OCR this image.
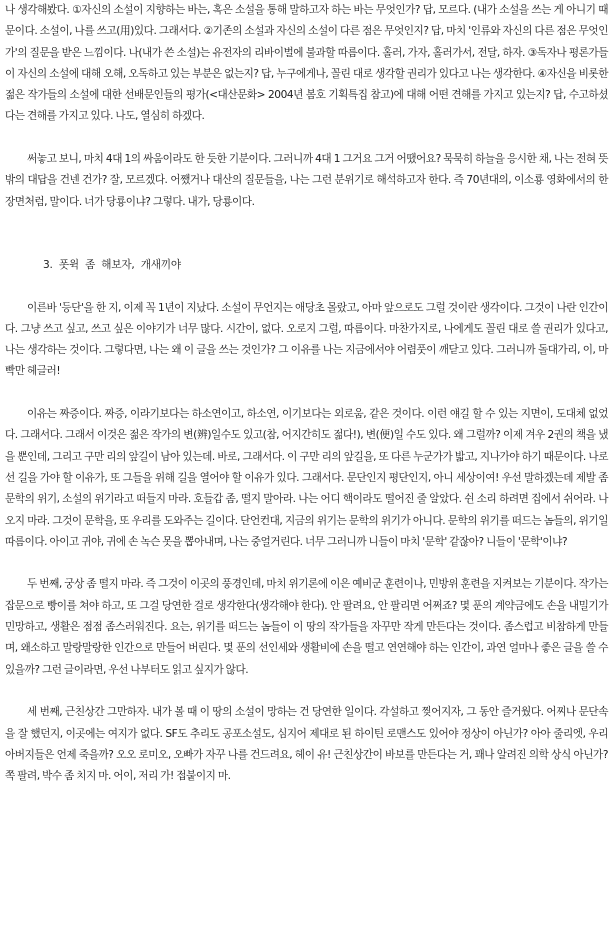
나 생각해봤다. ①자신의 소설이 지향하는 바는, 혹은 소설을 통해 말하고자 하는 바는 무엇인가? 답, 모르다. (내가 소설을 쓰는 게 아니기 때문이다. 소설이, 나를 쓰고(用)있다. 그래서다. ②기존의 소설과 자신의 소설이 다른 점은 무엇인지? 답, 마치 '인류와 자신의 다른 점은 무엇인가'의 질문을 받은 느낌이다. 나(내가 쓴 소설)는 유전자의 리바이벌에 불과할 따름이다. 홀러, 가자, 홀러가서, 전달, 하자. ③독자나 평론가들이 자신의 소설에 대해 오해, 오독하고 있는 부분은 없는지? 답, 누구에게나, 꼴린 대로 생각할 권리가 있다고 나는 생각한다. ④자신을 비롯한 젊은 작가들의 소설에 대한 선배문인들의 평가(<대산문화> 2004년 봄호 기획특집 참고)에 대해 어떤 견해를 가지고 있는지? 답, 수고하셨다는 견해를 가지고 있다. 나도, 열심히 하겠다.

써놓고 보니, 마치 4대 1의 싸움이라도 한 듯한 기분이다. 그러니까 4대 1 그거요 그거 어땠어요? 묵묵히 하늘을 응시한 채, 나는 전혀 뜻밖의 대답을 건넨 건가? 잘, 모르겠다. 어쨌거나 대산의 질문들을, 나는 그런 분위기로 해석하고자 한다. 즉 70년대의, 이소룡 영화에서의 한 장면처럼, 말이다. 너가 당룡이냐? 그렇다. 내가, 당룡이다.

3. 폿윅 좀 해보자, 개새끼야

이른바 '등단'을 한 지, 이제 꼭 1년이 지났다. 소설이 무언지는 애당초 몰랐고, 아마 앞으로도 그럴 것이란 생각이다. 그것이 나란 인간이다. 그냥 쓰고 싶고, 쓰고 싶은 이야기가 너무 많다. 시간이, 없다. 오로지 그럴, 따름이다. 마찬가지로, 나에게도 꼴린 대로 쓸 권리가 있다고, 나는 생각하는 것이다. 그렇다면, 나는 왜 이 글을 쓰는 것인가? 그 이유를 나는 지금에서야 어렴풋이 깨닫고 있다. 그러니까 돌대가리, 이, 마빡만 헤글러!

이유는 짜증이다. 짜증, 이라기보다는 하소연이고, 하소연, 이기보다는 외로움, 같은 것이다. 이런 얘길 할 수 있는 지면이, 도대체 없었다. 그래서다. 그래서 이것은 젊은 작가의 변(辨)일수도 있고(참, 어지간히도 젊다!), 변(便)일 수도 있다. 왜 그럴까? 이제 겨우 2권의 책을 냈을 뿐인데, 그리고 구만 리의 앞길이 남아 있는데. 바로, 그래서다. 이 구만 리의 앞길을, 또 다른 누군가가 밟고, 지나가야 하기 때문이다. 나로선 길을 가야 할 이유가, 또 그들을 위해 길을 열어야 할 이유가 있다. 그래서다. 문단인지 평단인지, 아니 세상이여! 우선 말하겠는데 제발 좀 문학의 위기, 소설의 위기라고 떠들지 마라. 호들갑 좀, 떨지 말아라. 나는 어디 핵이라도 떨어진 줄 알았다. 쉰 소리 하려면 집에서 쉬어라. 나오지 마라. 그것이 문학을, 또 우리를 도와주는 길이다. 단언컨대, 지금의 위기는 문학의 위기가 아니다. 문학의 위기를 떠드는 놈들의, 위기일 따름이다. 아이고 귀야, 귀에 손 녹슨 못을 뽑아내며, 나는 중얼거린다. 너무 그러니까 니들이 마치 '문학' 같잖아? 니들이 '문학'이냐?

두 번째, 궁상 좀 떨지 마라. 즉 그것이 이곳의 풍경인데, 마치 위기론에 이은 예비군 훈련이나, 민방위 훈련을 지켜보는 기분이다. 작가는 잡문으로 빵이를 쳐야 하고, 또 그걸 당연한 걸로 생각한다(생각해야 한다). 안 팔려요, 안 팔리면 어쩌죠? 몇 푼의 계약금에도 손을 내밀기가 민망하고, 생활은 점점 좀스러워진다. 요는, 위기를 떠드는 놈들이 이 땅의 작가들을 자꾸만 작게 만든다는 것이다. 좀스럽고 비참하게 만들며, 왜소하고 말랑말랑한 인간으로 만들어 버린다. 몇 푼의 선인세와 생활비에 손을 떨고 연연해야 하는 인간이, 과연 얼마나 좋은 글을 쓸 수 있을까? 그런 글이라면, 우선 나부터도 읽고 싶지가 않다.

세 번째, 근친상간 그만하자. 내가 볼 때 이 땅의 소설이 망하는 건 당연한 일이다. 각설하고 찢어지자, 그 동안 즐거웠다. 어찌나 문단속을 잘 했던지, 이곳에는 여지가 없다. SF도 추리도 공포소설도, 심지어 제대로 된 하이틴 로맨스도 있어야 정상이 아닌가? 아아 줄리엣, 우리 아버지들은 언제 죽을까? 오오 로미오, 오빠가 자꾸 나를 건드려요, 헤이 유! 근친상간이 바보를 만든다는 거, 꽤나 알려진 의학 상식 아닌가? 쪽 팔려, 박수 좀 치지 마. 어이, 저리 가! 접붙이지 마.
